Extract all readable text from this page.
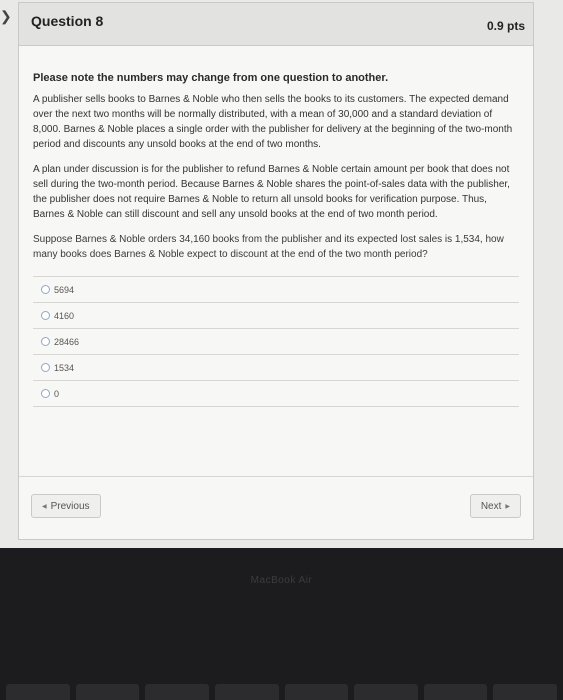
❯ Question 8	0.9 pts

Please note the numbers may change from one question to another.

A publisher sells books to Barnes & Noble who then sells the books to its customers. The expected demand over the next two months will be normally distributed, with a mean of 30,000 and a standard deviation of 8,000. Barnes & Noble places a single order with the publisher for delivery at the beginning of the two-month period and discounts any unsold books at the end of two months.

A plan under discussion is for the publisher to refund Barnes & Noble certain amount per book that does not sell during the two-month period. Because Barnes & Noble shares the point-of-sales data with the publisher, the publisher does not require Barnes & Noble to return all unsold books for verification purpose. Thus, Barnes & Noble can still discount and sell any unsold books at the end of two month period.

Suppose Barnes & Noble orders 34,160 books from the publisher and its expected lost sales is 1,534, how many books does Barnes & Noble expect to discount at the end of the two month period?

5694
4160
28466
1534
0
◀ Previous	Next ▶
MacBook Air
